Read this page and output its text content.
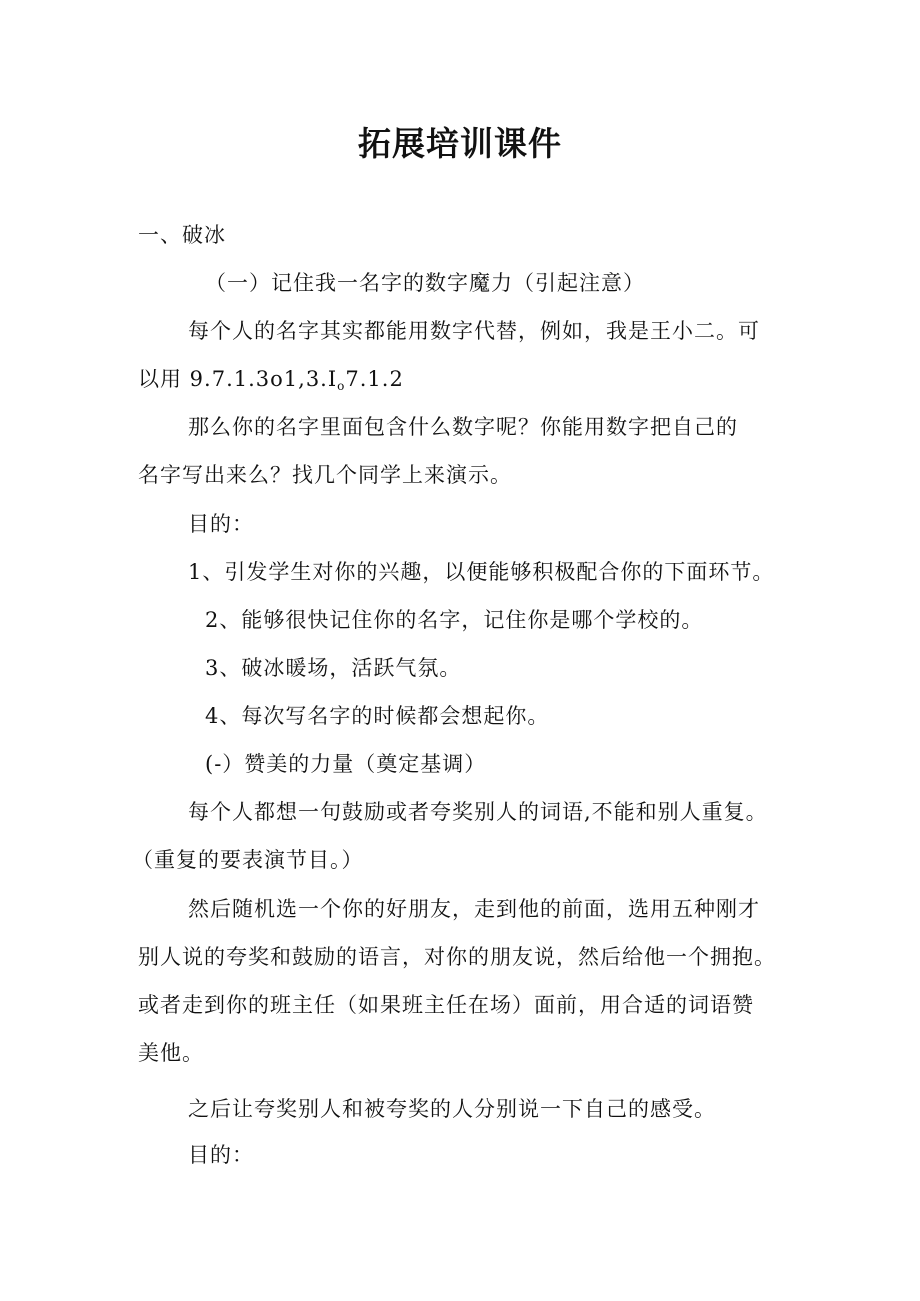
拓展培训课件

一、破冰

（一）记住我一名字的数字魔力（引起注意）

每个人的名字其实都能用数字代替，例如，我是王小二。可

以用 $9.7.1.3o1,3.I_o7.1.2$

那么你的名字里面包含什么数字呢？你能用数字把自己的

名字写出来么？找几个同学上来演示。

目的：

1、引发学生对你的兴趣，以便能够积极配合你的下面环节。

2、能够很快记住你的名字，记住你是哪个学校的。

3、破冰暖场，活跃气氛。

4、每次写名字的时候都会想起你。

(-）赞美的力量（奠定基调）

每个人都想一句鼓励或者夸奖别人的词语,不能和别人重复。

（重复的要表演节目。）

然后随机选一个你的好朋友，走到他的前面，选用五种刚才

别人说的夸奖和鼓励的语言，对你的朋友说，然后给他一个拥抱。

或者走到你的班主任（如果班主任在场）面前，用合适的词语赞

美他。

之后让夸奖别人和被夸奖的人分别说一下自己的感受。

目的：
